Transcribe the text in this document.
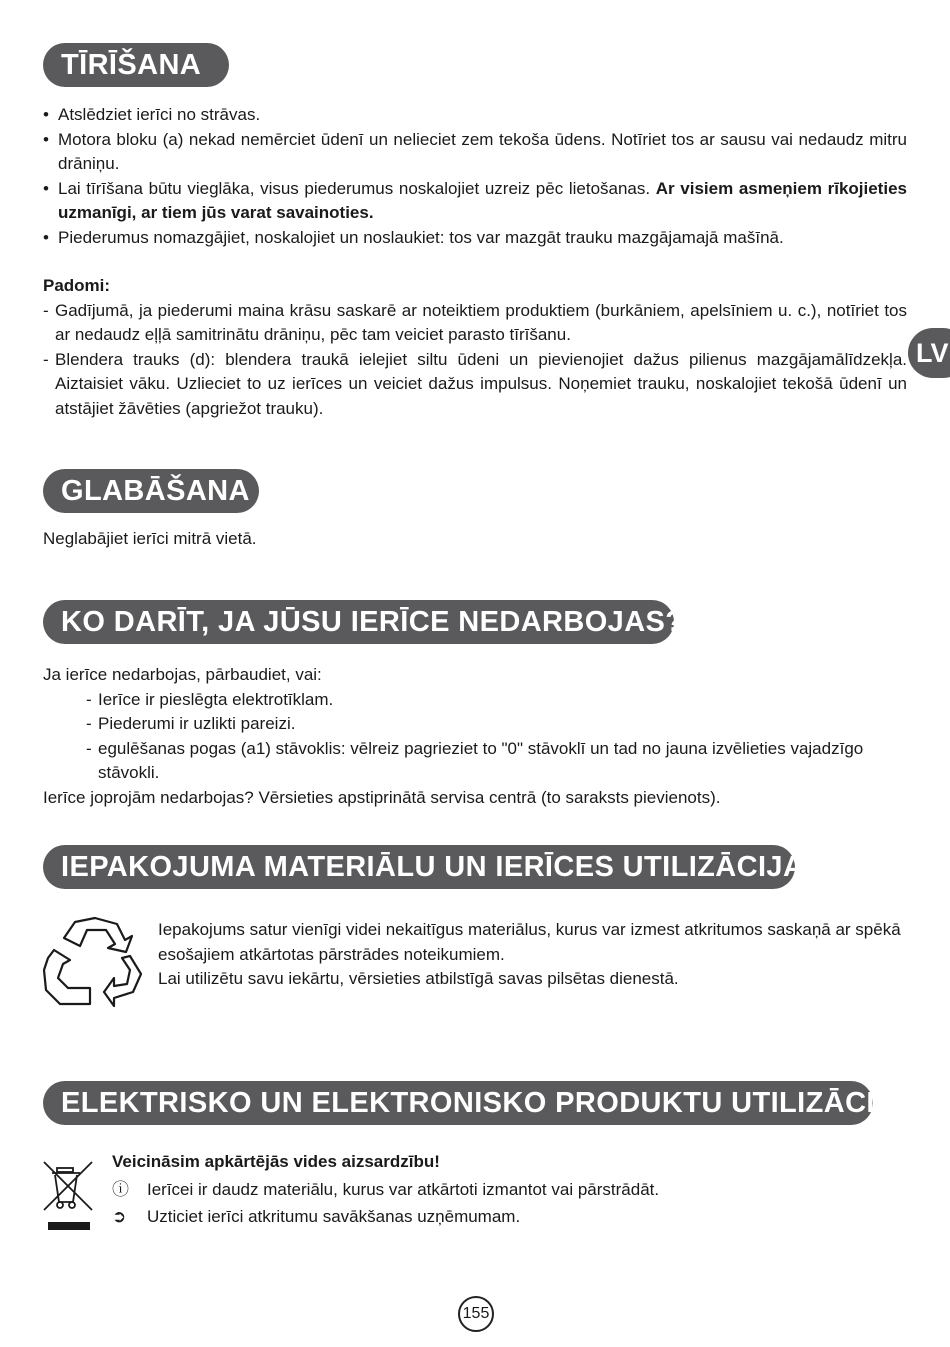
TĪRĪŠANA
• Atslēdziet ierīci no strāvas.
• Motora bloku (a) nekad nemērciet ūdenī un nelieciet zem tekoša ūdens. Notīriet tos ar sausu vai nedaudz mitru drāniņu.
• Lai tīrīšana būtu vieglāka, visus piederumus noskalojiet uzreiz pēc lietošanas. Ar visiem asmeņiem rīkojieties uzmanīgi, ar tiem jūs varat savainoties.
• Piederumus nomazgājiet, noskalojiet un noslaukiet: tos var mazgāt trauku mazgājamajā mašīnā.
Padomi:
- Gadījumā, ja piederumi maina krāsu saskarē ar noteiktiem produktiem (burkāniem, apelsīniem u. c.), notīriet tos ar nedaudz eļļā samitrinātu drāniņu, pēc tam veiciet parasto tīrīšanu.
- Blendera trauks (d): blendera traukā ielejiet siltu ūdeni un pievienojiet dažus pilienus mazgājamālīdzekļa. Aiztaisiet vāku. Uzlieciet to uz ierīces un veiciet dažus impulsus. Noņemiet trauku, noskalojiet tekošā ūdenī un atstājiet žāvēties (apgriežot trauku).
LV
GLABĀŠANA
Neglabājiet ierīci mitrā vietā.
KO DARĪT, JA JŪSU IERĪCE NEDARBOJAS?
Ja ierīce nedarbojas, pārbaudiet, vai:
- Ierīce ir pieslēgta elektrotīklam.
- Piederumi ir uzlikti pareizi.
- egulēšanas pogas (a1) stāvoklis: vēlreiz pagrieziet to "0" stāvoklī un tad no jauna izvēlieties vajadzīgo stāvokli.
Ierīce joprojām nedarbojas? Vērsieties apstiprinātā servisa centrā (to saraksts pievienots).
IEPAKOJUMA MATERIĀLU UN IERĪCES UTILIZĀCIJA
Iepakojums satur vienīgi videi nekaitīgus materiālus, kurus var izmest atkritumos saskaņā ar spēkā esošajiem atkārtotas pārstrādes noteikumiem.
Lai utilizētu savu iekārtu, vērsieties atbilstīgā savas pilsētas dienestā.
ELEKTRISKO UN ELEKTRONISKO PRODUKTU UTILIZĀCIJA
Veicināsim apkārtējās vides aizsardzību!
ⓘ Ierīcei ir daudz materiālu, kurus var atkārtoti izmantot vai pārstrādāt.
➲ Uzticiet ierīci atkritumu savākšanas uzņēmumam.
155
